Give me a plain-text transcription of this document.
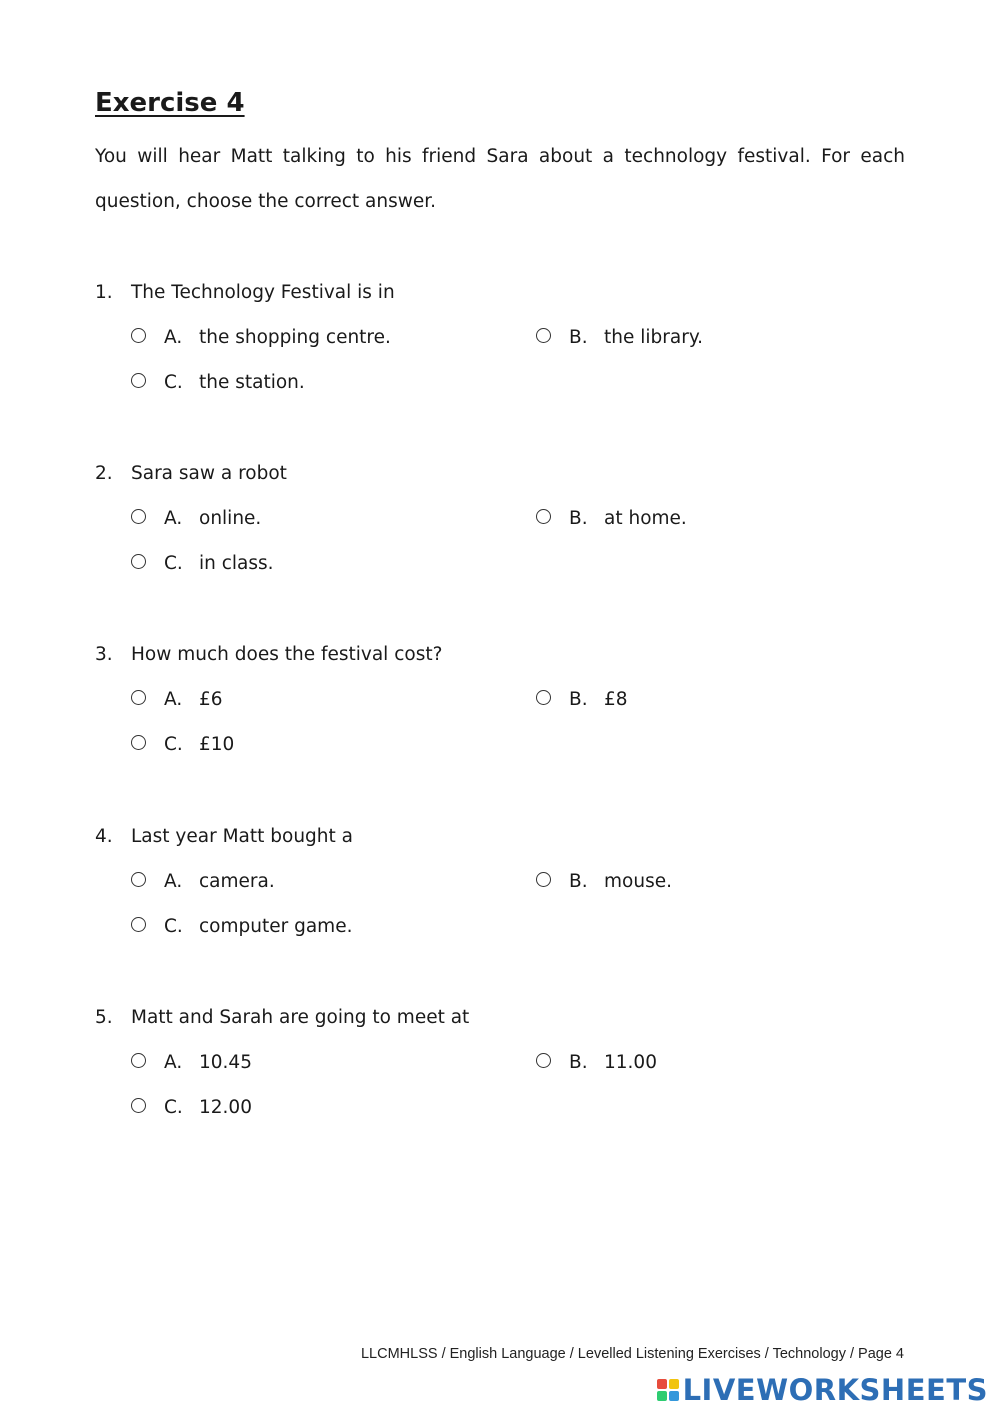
Exercise 4

You will hear Matt talking to his friend Sara about a technology festival. For each question, choose the correct answer.

1. The Technology Festival is in
A. the shopping centre.	B. the library.
C. the station.
2. Sara saw a robot
A. online.	B. at home.
C. in class.
3. How much does the festival cost?
A. £6	B. £8
C. £10
4. Last year Matt bought a
A. camera.	B. mouse.
C. computer game.
5. Matt and Sarah are going to meet at
A. 10.45	B. 11.00
C. 12.00
LLCMHLSS / English Language / Levelled Listening Exercises / Technology / Page 4
LIVEWORKSHEETS
